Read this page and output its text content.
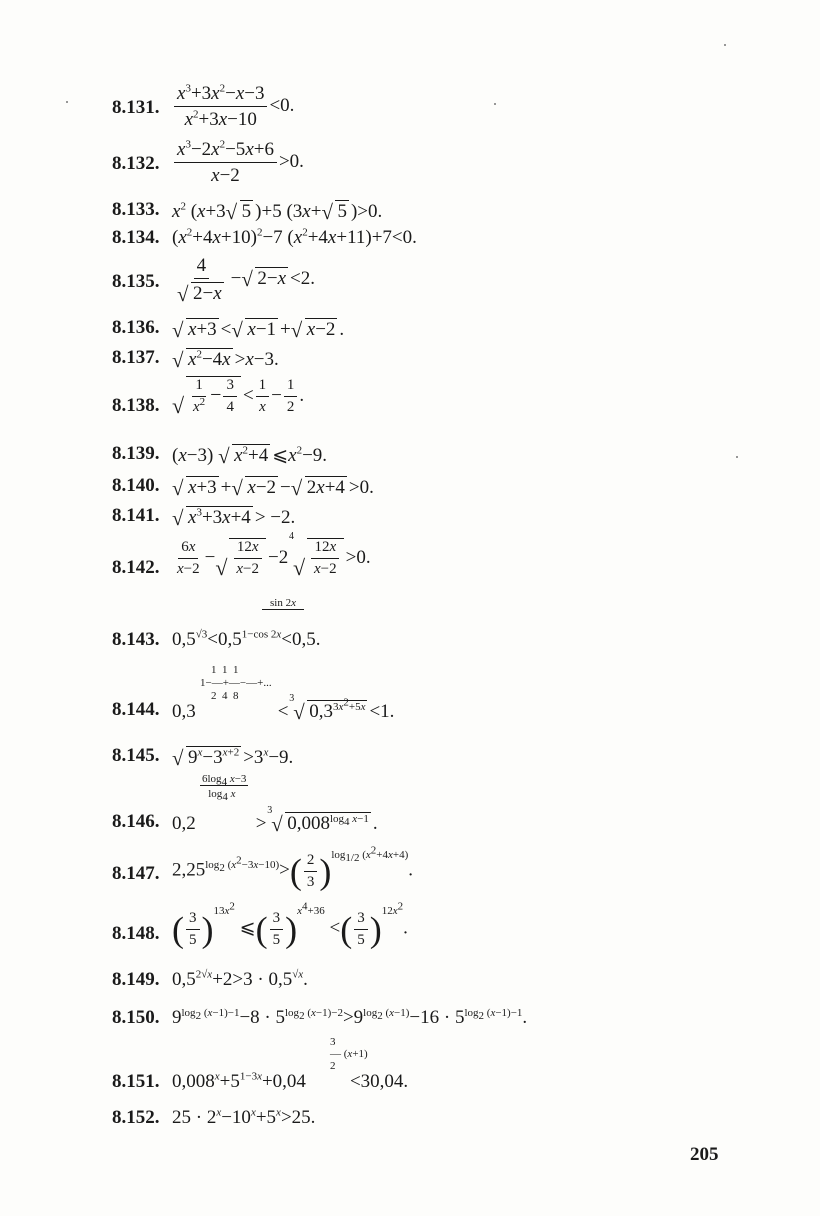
8.131. $\frac{x^3+3x^2-x-3}{x^2+3x-10} <0$.
8.132. $\frac{x^3-2x^2-5x+6}{x-2} >0$.
8.133. $x^2$ (x+3 √ 5 )+5 (3x+ √ 5 )>0.
8.134. $(x^2+4x+10)^2-7$ $(x^2+4x+11)+7<0$.
8.135. 4
√ 2−x − √ 2−x <2.
8.136.	√ x+3 < √ x−1 + √ x−2 .
8.137.	√ $x^2-4x >x-3$.
8.138. √ $\frac{1}{x^2} - \frac{3}{4} < \frac{1}{x} - \frac{1}{2}$ .
8.139. (x−3) √ $x^2+4$ $⩽x^2-9$.
8.140.	√ x+3 + √ x−2 − √ 2x+4 >0.
8.141.	√ $x^3+3x+4 > -2$.
8.142. $\frac{6x}{x-2}$ − √ $\frac{12x}{x-2} -2$
√ 4
$\frac{12x}{x-2} >0$.
8.143. $0,5^{√3}<0,5^{1-cos 2x}<0,5$.
sin 2x
8.144. 0,3	<
√ 3
$0,3^{3x^2+5x} <1$.
1  1  1
1−—+—−—+...
2  4  8
8.145.	√ $9^x-3^{x+2} >3^x-9$.
8.146. 0,2	>
√ 3
$0,008^{log_4 x-1}$ .
$6\log_4$ x−3
$\log_4 x$
8.147. $2,25^{log_2 (x^2-3x-10)}>( \frac{2}{3} )^{log_{1/2} (x^2+4x+4)}$.
8.148. ( $\frac{3}{5} )^{13x^2}$ ⩽( $\frac{3}{5} )^{x^4+36}$ <( $\frac{3}{5} )^{12x^2}$.
8.149. $0,5^{2√x}+2>3 \cdot 0,5^{√x}$.
8.150. $9^{log_2 (x-1)-1}-8 \cdot 5^{log_2 (x-1)-2}>9^{log_2 (x-1)}-16 \cdot 5^{log_2 (x-1)-1}$.
8.151. $0,008^x+5^{1-3x}+0,04 <30,04$.
3
— (x+1)
2
8.152. $25 \cdot 2^x-10^x+5^x>25$.
205
